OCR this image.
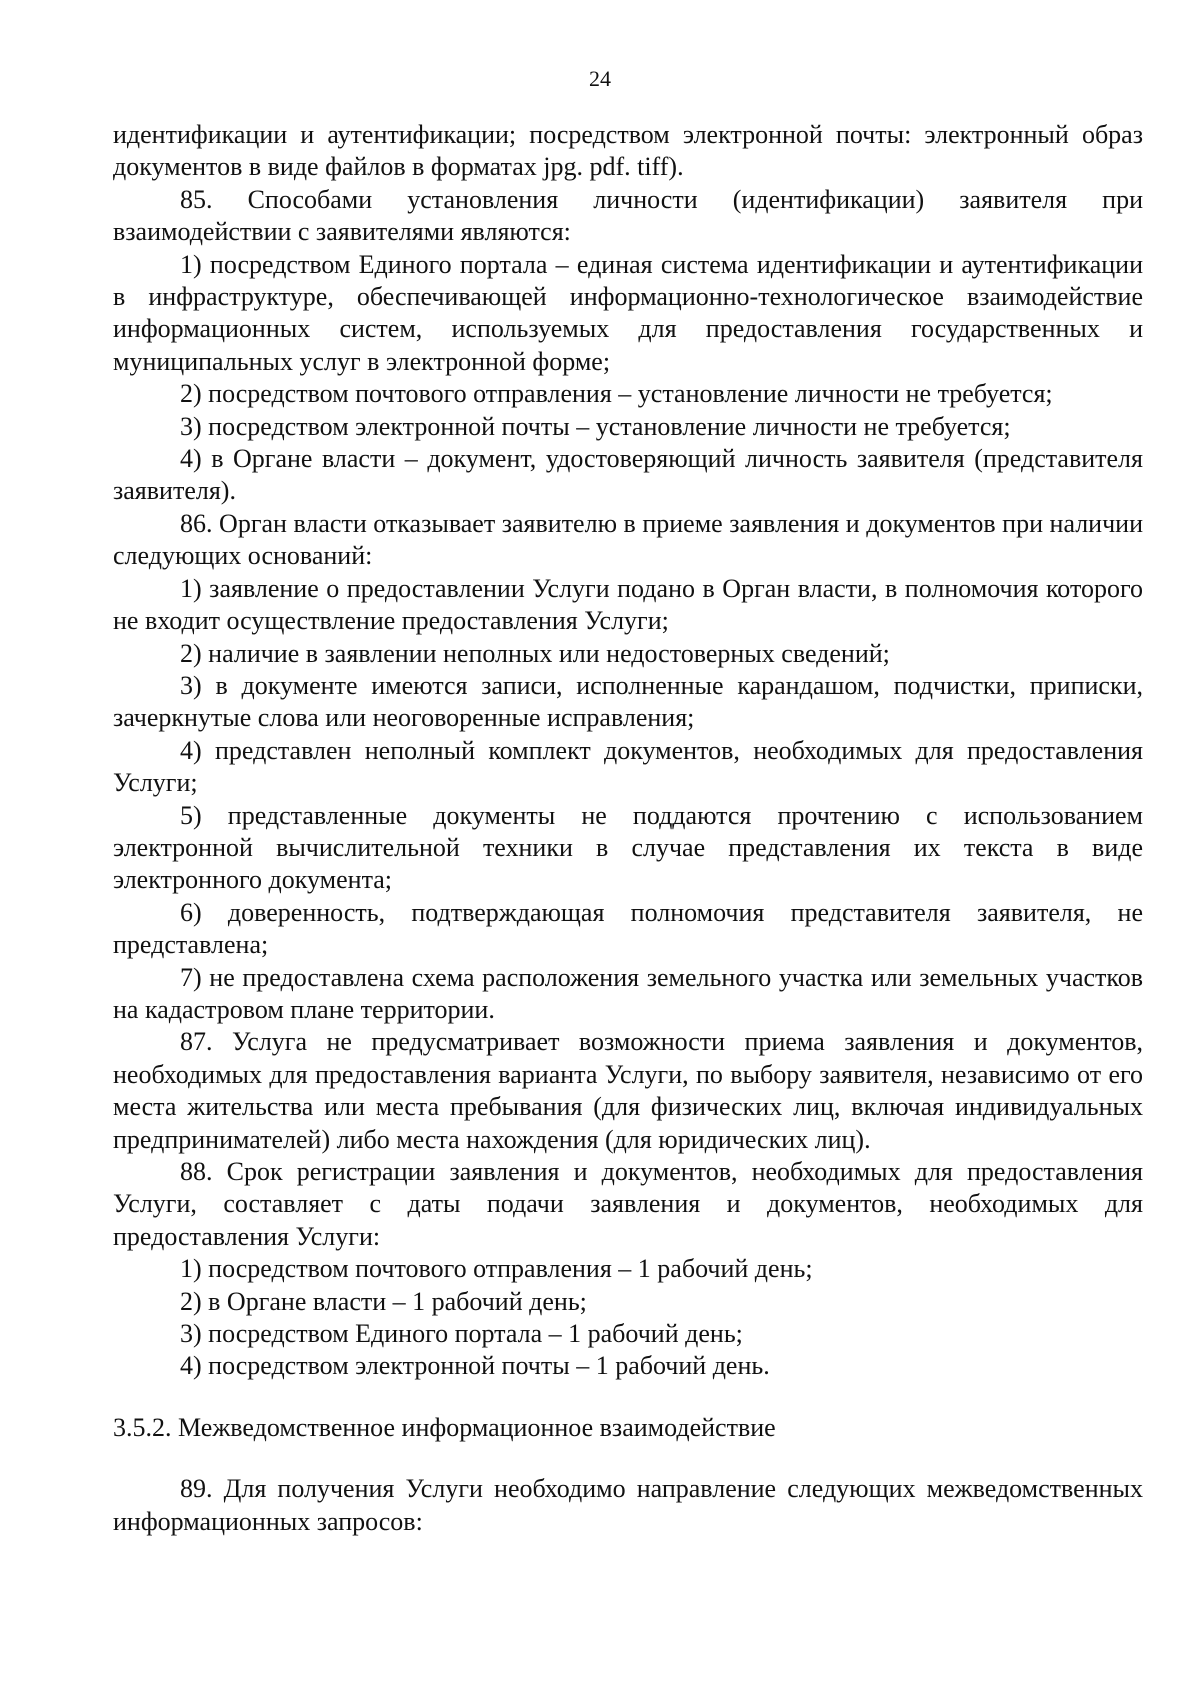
24

идентификации и аутентификации; посредством электронной почты: электронный образ документов в виде файлов в форматах jpg. pdf. tiff).

85. Способами установления личности (идентификации) заявителя при взаимодействии с заявителями являются:

1) посредством Единого портала – единая система идентификации и аутентификации в инфраструктуре, обеспечивающей информационно-технологическое взаимодействие информационных систем, используемых для предоставления государственных и муниципальных услуг в электронной форме;

2) посредством почтового отправления – установление личности не требуется;

3) посредством электронной почты – установление личности не требуется;

4) в Органе власти – документ, удостоверяющий личность заявителя (представителя заявителя).

86. Орган власти отказывает заявителю в приеме заявления и документов при наличии следующих оснований:

1) заявление о предоставлении Услуги подано в Орган власти, в полномочия которого не входит осуществление предоставления Услуги;

2) наличие в заявлении неполных или недостоверных сведений;

3) в документе имеются записи, исполненные карандашом, подчистки, приписки, зачеркнутые слова или неоговоренные исправления;

4) представлен неполный комплект документов, необходимых для предоставления Услуги;

5) представленные документы не поддаются прочтению с использованием электронной вычислительной техники в случае представления их текста в виде электронного документа;

6) доверенность, подтверждающая полномочия представителя заявителя, не представлена;

7) не предоставлена схема расположения земельного участка или земельных участков на кадастровом плане территории.

87. Услуга не предусматривает возможности приема заявления и документов, необходимых для предоставления варианта Услуги, по выбору заявителя, независимо от его места жительства или места пребывания (для физических лиц, включая индивидуальных предпринимателей) либо места нахождения (для юридических лиц).

88. Срок регистрации заявления и документов, необходимых для предоставления Услуги, составляет с даты подачи заявления и документов, необходимых для предоставления Услуги:

1) посредством почтового отправления – 1 рабочий день;

2) в Органе власти – 1 рабочий день;

3) посредством Единого портала – 1 рабочий день;

4) посредством электронной почты – 1 рабочий день.

3.5.2. Межведомственное информационное взаимодействие

89. Для получения Услуги необходимо направление следующих межведомственных информационных запросов:
